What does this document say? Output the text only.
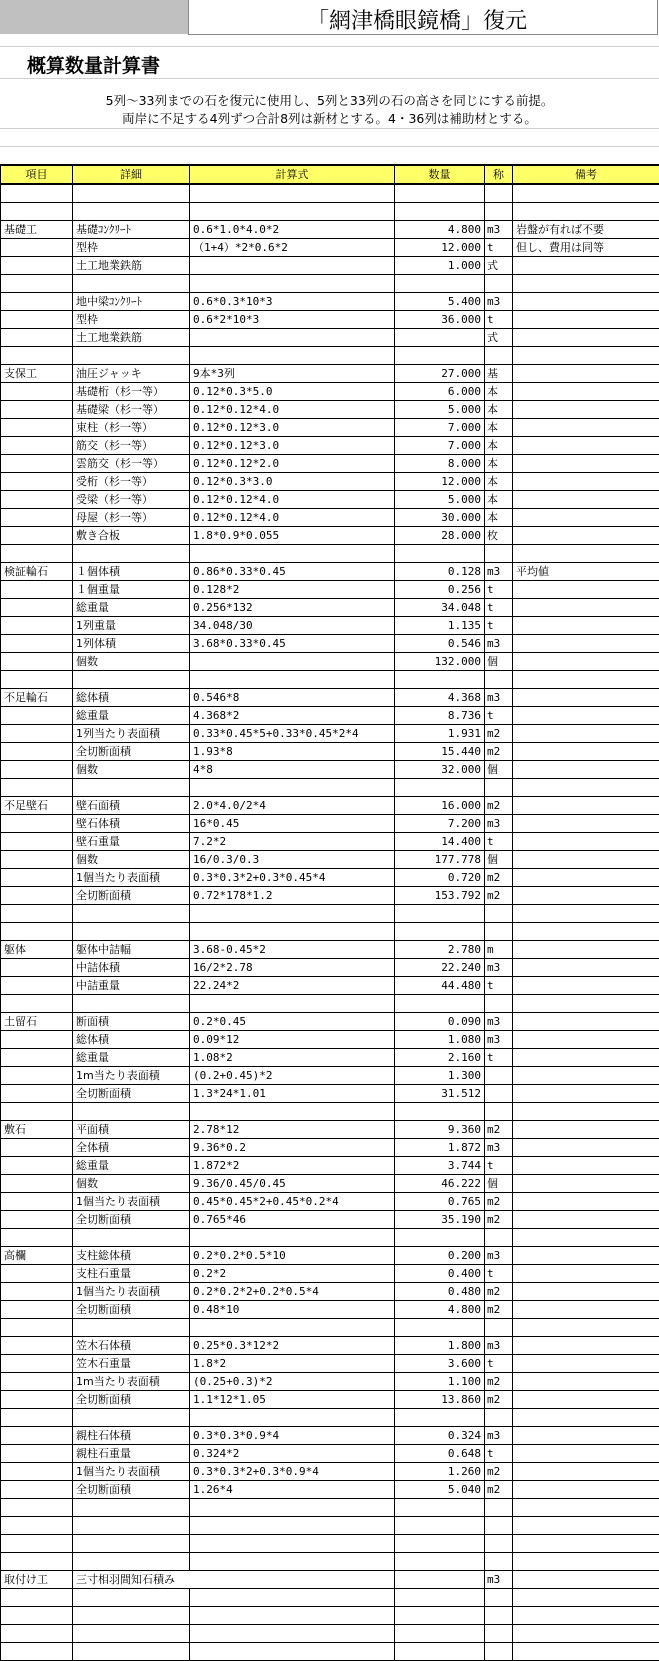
「網津橋眼鏡橋」復元
概算数量計算書
5列～33列までの石を復元に使用し、5列と33列の石の高さを同じにする前提。
両岸に不足する4列ずつ合計8列は新材とする。4・36列は補助材とする。
項目	詳細	計算式	数量	称	備考

基礎工	基礎ｺﾝｸﾘｰﾄ	0.6*1.0*4.0*2	4.800	m3	岩盤が有れば不要
	型枠	（1+4）*2*0.6*2	12.000	t	但し、費用は同等
	土工地業鉄筋		1.000	式	

	地中梁ｺﾝｸﾘｰﾄ	0.6*0.3*10*3	5.400	m3	
	型枠	0.6*2*10*3	36.000	t	
	土工地業鉄筋			式	

支保工	油圧ジャッキ	9本*3列	27.000	基	
	基礎桁（杉一等）	0.12*0.3*5.0	6.000	本	
	基礎梁（杉一等）	0.12*0.12*4.0	5.000	本	
	束柱（杉一等）	0.12*0.12*3.0	7.000	本	
	筋交（杉一等）	0.12*0.12*3.0	7.000	本	
	雲筋交（杉一等）	0.12*0.12*2.0	8.000	本	
	受桁（杉一等）	0.12*0.3*3.0	12.000	本	
	受梁（杉一等）	0.12*0.12*4.0	5.000	本	
	母屋（杉一等）	0.12*0.12*4.0	30.000	本	
	敷き合板	1.8*0.9*0.055	28.000	枚	

検証輪石	１個体積	0.86*0.33*0.45	0.128	m3	平均値
	１個重量	0.128*2	0.256	t	
	総重量	0.256*132	34.048	t	
	1列重量	34.048/30	1.135	t	
	1列体積	3.68*0.33*0.45	0.546	m3	
	個数		132.000	個	

不足輪石	総体積	0.546*8	4.368	m3	
	総重量	4.368*2	8.736	t	
	1列当たり表面積	0.33*0.45*5+0.33*0.45*2*4	1.931	m2	
	全切断面積	1.93*8	15.440	m2	
	個数	4*8	32.000	個	

不足壁石	壁石面積	2.0*4.0/2*4	16.000	m2	
	壁石体積	16*0.45	7.200	m3	
	壁石重量	7.2*2	14.400	t	
	個数	16/0.3/0.3	177.778	個	
	1個当たり表面積	0.3*0.3*2+0.3*0.45*4	0.720	m2	
	全切断面積	0.72*178*1.2	153.792	m2	

躯体	躯体中詰幅	3.68-0.45*2	2.780	m	
	中詰体積	16/2*2.78	22.240	m3	
	中詰重量	22.24*2	44.480	t	

土留石	断面積	0.2*0.45	0.090	m3	
	総体積	0.09*12	1.080	m3	
	総重量	1.08*2	2.160	t	
	1m当たり表面積	(0.2+0.45)*2	1.300		
	全切断面積	1.3*24*1.01	31.512		

敷石	平面積	2.78*12	9.360	m2	
	全体積	9.36*0.2	1.872	m3	
	総重量	1.872*2	3.744	t	
	個数	9.36/0.45/0.45	46.222	個	
	1個当たり表面積	0.45*0.45*2+0.45*0.2*4	0.765	m2	
	全切断面積	0.765*46	35.190	m2	

高欄	支柱総体積	0.2*0.2*0.5*10	0.200	m3	
	支柱石重量	0.2*2	0.400	t	
	1個当たり表面積	0.2*0.2*2+0.2*0.5*4	0.480	m2	
	全切断面積	0.48*10	4.800	m2	

	笠木石体積	0.25*0.3*12*2	1.800	m3	
	笠木石重量	1.8*2	3.600	t	
	1m当たり表面積	(0.25+0.3)*2	1.100	m2	
	全切断面積	1.1*12*1.05	13.860	m2	

	親柱石体積	0.3*0.3*0.9*4	0.324	m3	
	親柱石重量	0.324*2	0.648	t	
	1個当たり表面積	0.3*0.3*2+0.3*0.9*4	1.260	m2	
	全切断面積	1.26*4	5.040	m2	

取付け工	三寸相羽間知石積み			m3	
